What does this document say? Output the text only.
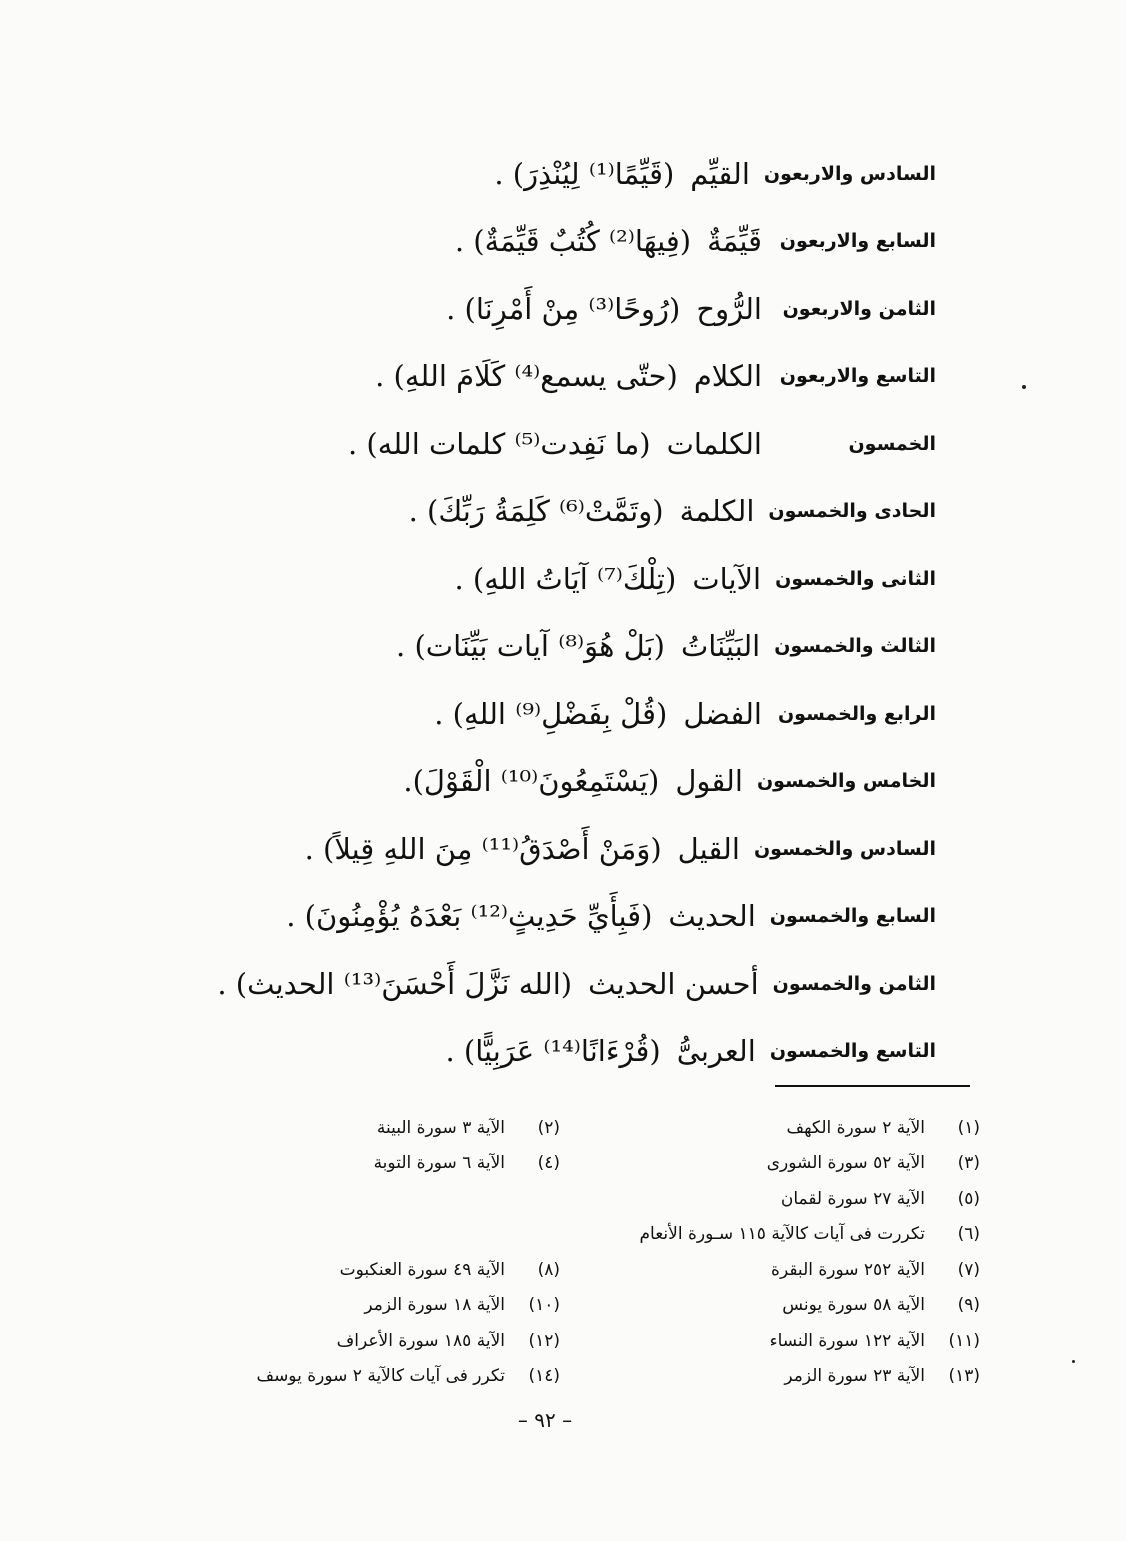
السادس والاربعون
القيِّم
(قَيِّمًا⁽¹⁾ لِيُنْذِرَ) .
السابع والاربعون
قَيِّمَةٌ
(فِيهَا⁽²⁾ كُتُبٌ قَيِّمَةٌ) .
الثامن والاربعون
الرُّوح
(رُوحًا⁽³⁾ مِنْ أَمْرِنَا) .
التاسع والاربعون
الكلام
(حتّى يسمع⁽⁴⁾ كَلَامَ اللهِ) .
الخمسون
الكلمات
(ما نَفِدت⁽⁵⁾ كلمات الله) .
الحادى والخمسون
الكلمة
(وتَمَّتْ⁽⁶⁾ كَلِمَةُ رَبِّكَ) .
الثانى والخمسون
الآيات
(تِلْكَ⁽⁷⁾ آيَاتُ اللهِ) .
الثالث والخمسون
البَيِّنَاتُ
(بَلْ هُوَ⁽⁸⁾ آيات بَيِّنَات) .
الرابع والخمسون
الفضل
(قُلْ بِفَضْلِ⁽⁹⁾ اللهِ) .
الخامس والخمسون
القول
(يَسْتَمِعُونَ⁽¹⁰⁾ الْقَوْلَ).
السادس والخمسون
القيل
(وَمَنْ أَصْدَقُ⁽¹¹⁾ مِنَ اللهِ قِيلاً) .
السابع والخمسون
الحديث
(فَبِأَيِّ حَدِيثٍ⁽¹²⁾ بَعْدَهُ يُؤْمِنُونَ) .
الثامن والخمسون
أحسن الحديث
(الله نَزَّلَ أَحْسَنَ⁽¹³⁾ الحديث) .
التاسع والخمسون
العربىُّ
(قُرْءَانًا⁽¹⁴⁾ عَرَبِيًّا) .
(١)
الآية ٢ سورة الكهف
(٢)
الآية ٣ سورة البينة
(٣)
الآية ٥٢ سورة الشورى
(٤)
الآية ٦ سورة التوبة
(٥)
الآية ٢٧ سورة لقمان
(٦)
تكررت فى آيات كالآية ١١٥ سـورة الأنعام
(٧)
الآية ٢٥٢ سورة البقرة
(٨)
الآية ٤٩ سورة العنكبوت
(٩)
الآية ٥٨ سورة يونس
(١٠)
الآية ١٨ سورة الزمر
(١١)
الآية ١٢٢ سورة النساء
(١٢)
الآية ١٨٥ سورة الأعراف
(١٣)
الآية ٢٣ سورة الزمر
(١٤)
تكرر فى آيات كالآية ٢ سورة يوسف
– ٩٢ –
